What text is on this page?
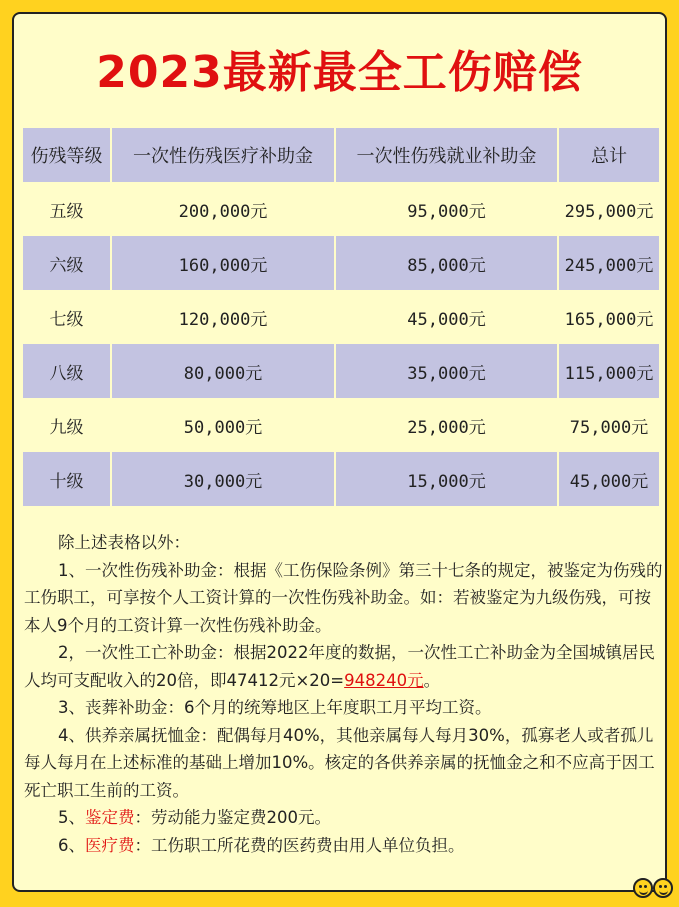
2023最新最全工伤赔偿
伤残等级	一次性伤残医疗补助金	一次性伤残就业补助金	总计
五级	200,000元	95,000元	295,000元
六级	160,000元	85,000元	245,000元
七级	120,000元	45,000元	165,000元
八级	80,000元	35,000元	115,000元
九级	50,000元	25,000元	75,000元
十级	30,000元	15,000元	45,000元

除上述表格以外：

1、一次性伤残补助金：根据《工伤保险条例》第三十七条的规定，被鉴定为伤残的工伤职工，可享按个人工资计算的一次性伤残补助金。如：若被鉴定为九级伤残，可按本人9个月的工资计算一次性伤残补助金。

2，一次性工亡补助金：根据2022年度的数据，一次性工亡补助金为全国城镇居民人均可支配收入的20倍，即47412元×20=948240元。

3、丧葬补助金：6个月的统筹地区上年度职工月平均工资。

4、供养亲属抚恤金：配偶每月40%，其他亲属每人每月30%，孤寡老人或者孤儿每人每月在上述标准的基础上增加10%。核定的各供养亲属的抚恤金之和不应高于因工死亡职工生前的工资。

5、鉴定费：劳动能力鉴定费200元。

6、医疗费：工伤职工所花费的医药费由用人单位负担。
